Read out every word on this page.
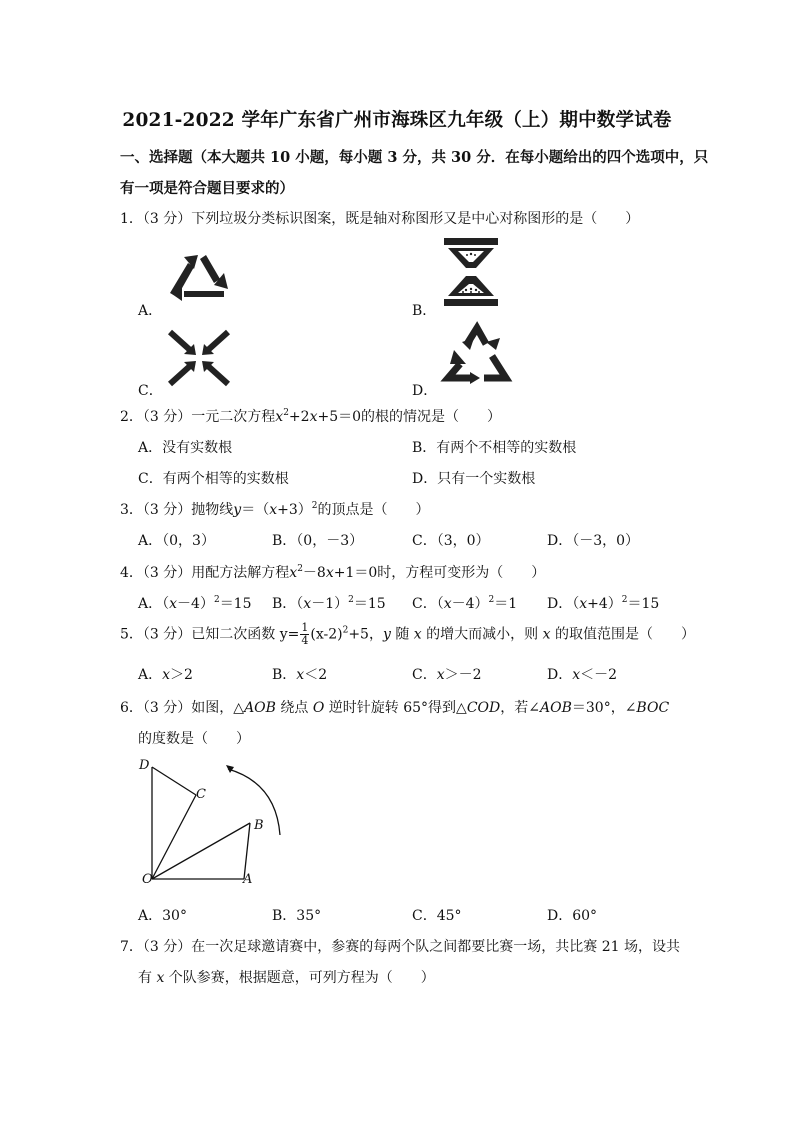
2021-2022 学年广东省广州市海珠区九年级（上）期中数学试卷
一、选择题（本大题共 10 小题，每小题 3 分，共 30 分．在每小题给出的四个选项中，只
有一项是符合题目要求的）
1．（3 分）下列垃圾分类标识图案，既是轴对称图形又是中心对称图形的是（　　）
A．	B．
C．	D．
2．（3 分）一元二次方程$x^2+2x+5=0$的根的情况是（　　）
A．没有实数根	B．有两个不相等的实数根
C．有两个相等的实数根	D．只有一个实数根
3．（3 分）抛物线$y=(x+3)^2$的顶点是（　　）
A．（0，3）	B．（0，－3）	C．（3，0）	D．（－3，0）
4．（3 分）用配方法解方程$x^2-8x+1=0$时，方程可变形为（　　）
A．$(x-4)^2=15$ B．$(x-1)^2=15$ C．$(x-4)^2=1$ D．$(x+4)^2=15$
5．（3 分）已知二次函数 $y= \frac{1}{4} (x-2)^2+5$，y 随 x 的增大而减小，则 x 的取值范围是（　　）
A．x＞2	B．x＜2	C．x＞－2	D．x＜－2
6．（3 分）如图，△AOB 绕点 O 逆时针旋转 65°得到△COD，若∠AOB＝30°，∠BOC
的度数是（　　）
D
C
B
O	A
A．30°	B．35°	C．45°	D．60°
7．（3 分）在一次足球邀请赛中，参赛的每两个队之间都要比赛一场，共比赛 21 场，设共
有 x 个队参赛，根据题意，可列方程为（　　）
